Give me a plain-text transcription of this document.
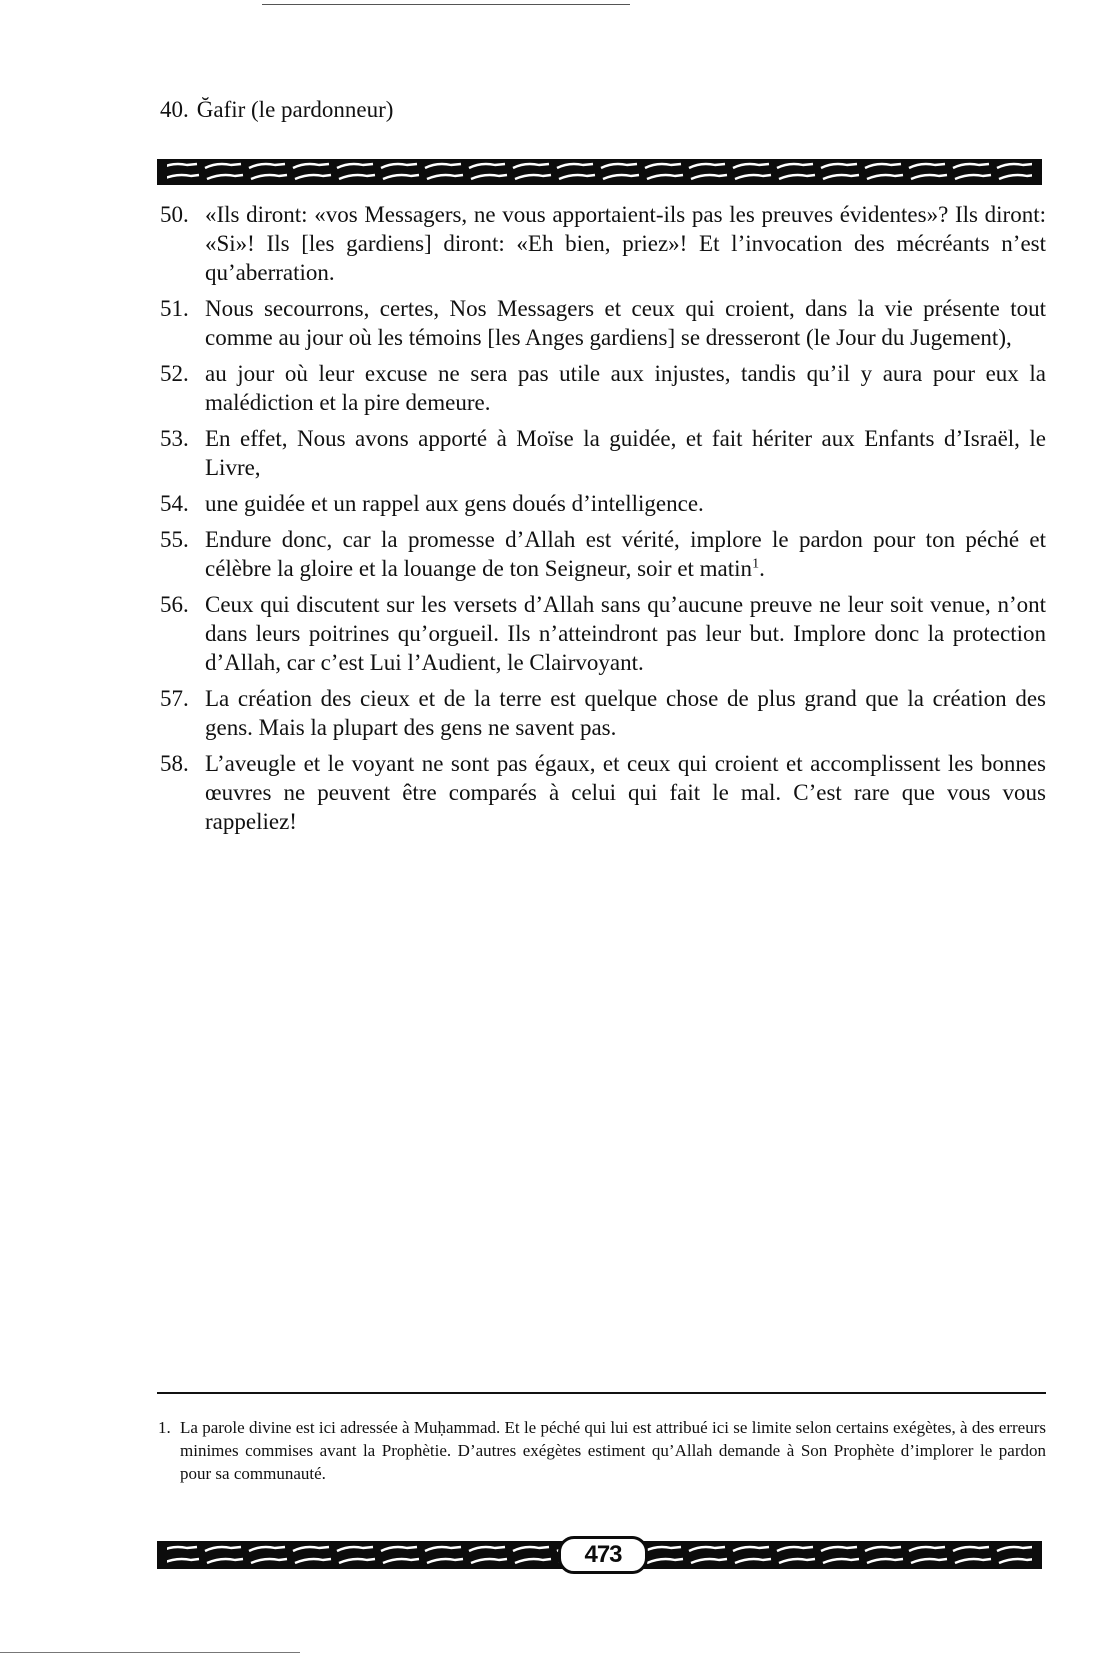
40. Ğafir (le pardonneur)
50. «Ils diront: «vos Messagers, ne vous apportaient-ils pas les preuves évidentes»? Ils diront: «Si»! Ils [les gardiens] diront: «Eh bien, priez»! Et l’invocation des mécréants n’est qu’aberration.
51. Nous secourrons, certes, Nos Messagers et ceux qui croient, dans la vie présente tout comme au jour où les témoins [les Anges gardiens] se dresseront (le Jour du Jugement),
52. au jour où leur excuse ne sera pas utile aux injustes, tandis qu’il y aura pour eux la malédiction et la pire demeure.
53. En effet, Nous avons apporté à Moïse la guidée, et fait hériter aux Enfants d’Israël, le Livre,
54. une guidée et un rappel aux gens doués d’intelligence.
55. Endure donc, car la promesse d’Allah est vérité, implore le pardon pour ton péché et célèbre la gloire et la louange de ton Seigneur, soir et matin$^1$.
56. Ceux qui discutent sur les versets d’Allah sans qu’aucune preuve ne leur soit venue, n’ont dans leurs poitrines qu’orgueil. Ils n’atteindront pas leur but. Implore donc la protection d’Allah, car c’est Lui l’Audient, le Clairvoyant.
57. La création des cieux et de la terre est quelque chose de plus grand que la création des gens. Mais la plupart des gens ne savent pas.
58. L’aveugle et le voyant ne sont pas égaux, et ceux qui croient et accomplissent les bonnes œuvres ne peuvent être comparés à celui qui fait le mal. C’est rare que vous vous rappeliez!
1. La parole divine est ici adressée à Muḥammad. Et le péché qui lui est attribué ici se limite selon certains exégètes, à des erreurs minimes commises avant la Prophètie. D’autres exégètes estiment qu’Allah demande à Son Prophète d’implorer le pardon pour sa communauté.
473
